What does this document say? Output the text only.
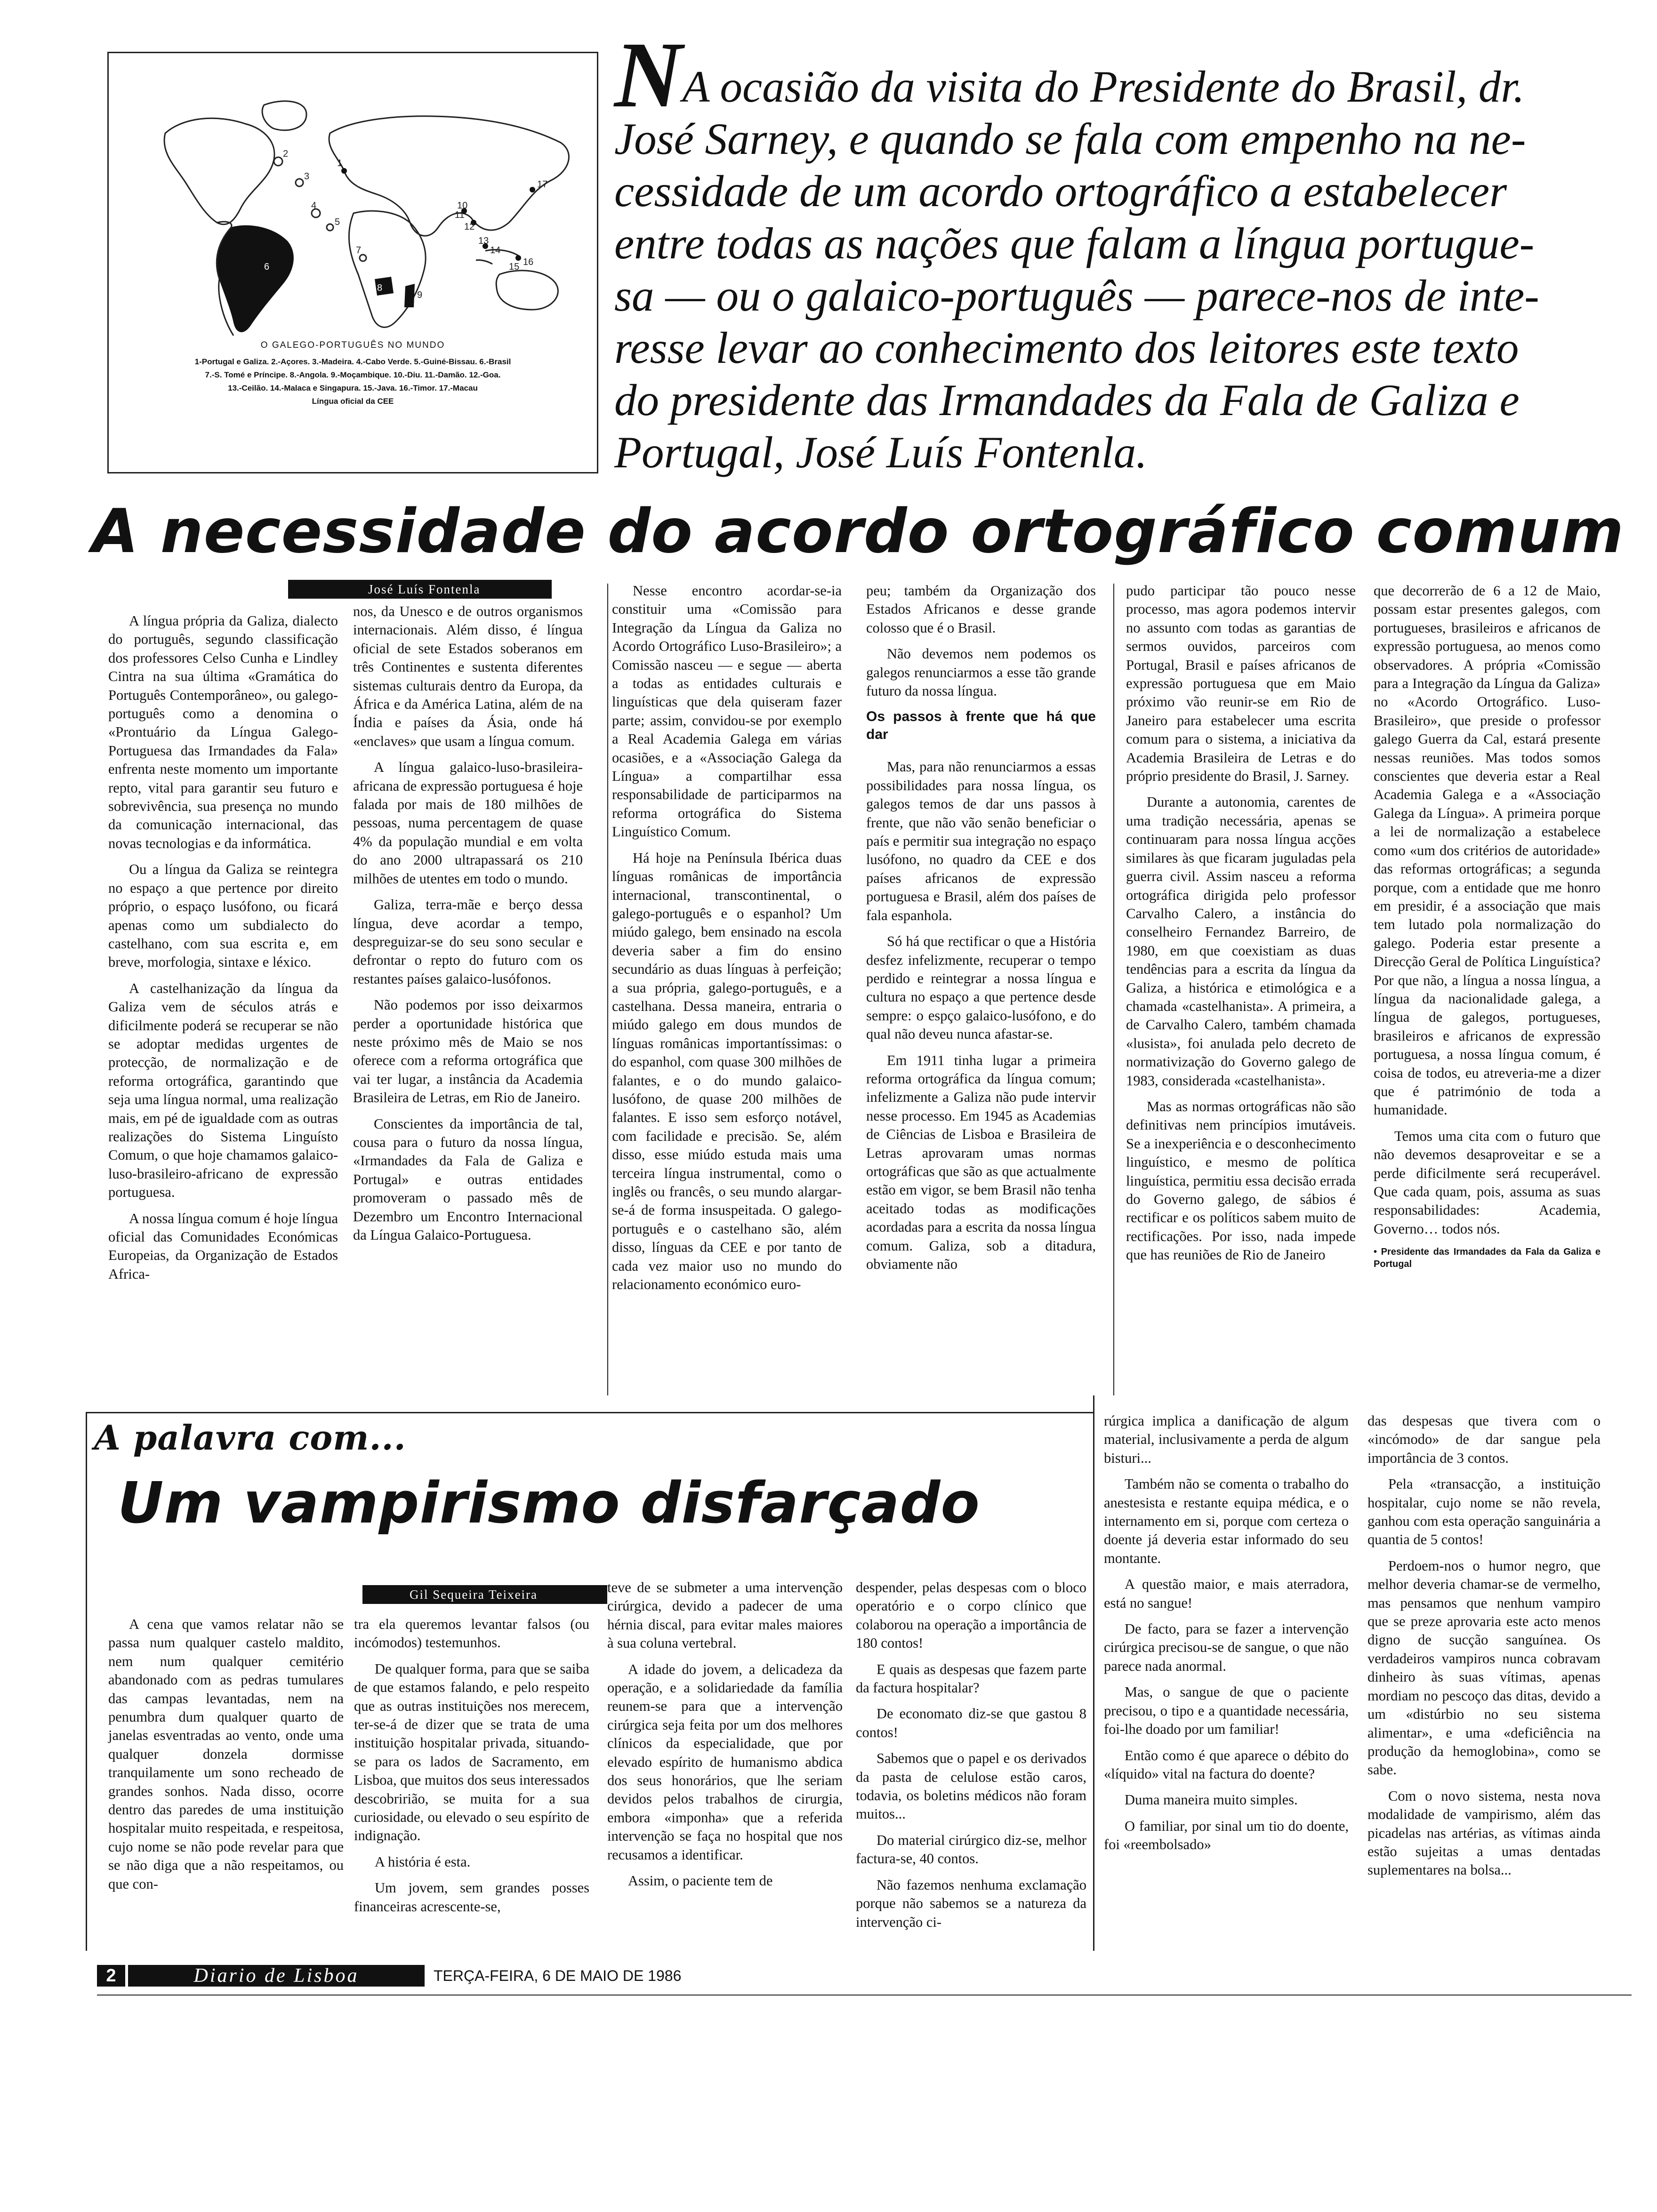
2
3
4
5
6
7
8
9
10
11
12
13
14
15 16
17
1
O GALEGO-PORTUGUÊS NO MUNDO
1-Portugal e Galiza. 2.-Açores. 3.-Madeira. 4.-Cabo Verde. 5.-Guiné-Bissau. 6.-Brasil
7.-S. Tomé e Príncipe. 8.-Angola. 9.-Moçambique. 10.-Diu. 11.-Damão. 12.-Goa.
13.-Ceilão. 14.-Malaca e Singapura. 15.-Java. 16.-Timor. 17.-Macau
Língua oficial da CEE
NA ocasião da visita do Presidente do Brasil, dr.
José Sarney, e quando se fala com empenho na ne-
cessidade de um acordo ortográfico a estabelecer
entre todas as nações que falam a língua portugue-
sa — ou o galaico-português — parece-nos de inte-
resse levar ao conhecimento dos leitores este texto
do presidente das Irmandades da Fala de Galiza e
Portugal, José Luís Fontenla.
A necessidade do acordo ortográfico comum
José Luís Fontenla

A língua própria da Galiza, dialecto do português, segundo classificação dos professores Celso Cunha e Lindley Cintra na sua última «Gramática do Português Contemporâneo», ou galego-português como a denomina o «Prontuário da Língua Galego-Portuguesa das Irmandades da Fala» enfrenta neste momento um importante repto, vital para garantir seu futuro e sobrevivência, sua presença no mundo da comunicação internacional, das novas tecnologias e da informática.

Ou a língua da Galiza se reintegra no espaço a que pertence por direito próprio, o espaço lusófono, ou ficará apenas como um subdialecto do castelhano, com sua escrita e, em breve, morfologia, sintaxe e léxico.

A castelhanização da língua da Galiza vem de séculos atrás e dificilmente poderá se recuperar se não se adoptar medidas urgentes de protecção, de normalização e de reforma ortográfica, garantindo que seja uma língua normal, uma realização mais, em pé de igualdade com as outras realizações do Sistema Linguísto Comum, o que hoje chamamos galaico-luso-brasileiro-africano de expressão portuguesa.

A nossa língua comum é hoje língua oficial das Comunidades Económicas Europeias, da Organização de Estados Africa-

nos, da Unesco e de outros organismos internacionais. Além disso, é língua oficial de sete Estados soberanos em três Continentes e sustenta diferentes sistemas culturais dentro da Europa, da África e da América Latina, além de na Índia e países da Ásia, onde há «enclaves» que usam a língua comum.

A língua galaico-luso-brasileira-africana de expressão portuguesa é hoje falada por mais de 180 milhões de pessoas, numa percentagem de quase 4% da população mundial e em volta do ano 2000 ultrapassará os 210 milhões de utentes em todo o mundo.

Galiza, terra-mãe e berço dessa língua, deve acordar a tempo, despreguizar-se do seu sono secular e defrontar o repto do futuro com os restantes países galaico-lusófonos.

Não podemos por isso deixarmos perder a oportunidade histórica que neste próximo mês de Maio se nos oferece com a reforma ortográfica que vai ter lugar, a instância da Academia Brasileira de Letras, em Rio de Janeiro.

Conscientes da importância de tal, cousa para o futuro da nossa língua, «Irmandades da Fala de Galiza e Portugal» e outras entidades promoveram o passado mês de Dezembro um Encontro Internacional da Língua Galaico-Portuguesa.

Nesse encontro acordar-se-ia constituir uma «Comissão para Integração da Língua da Galiza no Acordo Ortográfico Luso-Brasileiro»; a Comissão nasceu — e segue — aberta a todas as entidades culturais e linguísticas que dela quiseram fazer parte; assim, convidou-se por exemplo a Real Academia Galega em várias ocasiões, e a «Associação Galega da Língua» a compartilhar essa responsabilidade de participarmos na reforma ortográfica do Sistema Linguístico Comum.

Há hoje na Península Ibérica duas línguas românicas de importância internacional, transcontinental, o galego-português e o espanhol? Um miúdo galego, bem ensinado na escola deveria saber a fim do ensino secundário as duas línguas à perfeição; a sua própria, galego-português, e a castelhana. Dessa maneira, entraria o miúdo galego em dous mundos de línguas românicas importantíssimas: o do espanhol, com quase 300 milhões de falantes, e o do mundo galaico-lusófono, de quase 200 milhões de falantes. E isso sem esforço notável, com facilidade e precisão. Se, além disso, esse miúdo estuda mais uma terceira língua instrumental, como o inglês ou francês, o seu mundo alargar-se-á de forma insuspeitada. O galego-português e o castelhano são, além disso, línguas da CEE e por tanto de cada vez maior uso no mundo do relacionamento económico euro-

peu; também da Organização dos Estados Africanos e desse grande colosso que é o Brasil.

Não devemos nem podemos os galegos renunciarmos a esse tão grande futuro da nossa língua.

Os passos à frente que há que dar

Mas, para não renunciarmos a essas possibilidades para nossa língua, os galegos temos de dar uns passos à frente, que não vão senão beneficiar o país e permitir sua integração no espaço lusófono, no quadro da CEE e dos países africanos de expressão portuguesa e Brasil, além dos países de fala espanhola.

Só há que rectificar o que a História desfez infelizmente, recuperar o tempo perdido e reintegrar a nossa língua e cultura no espaço a que pertence desde sempre: o espço galaico-lusófono, e do qual não deveu nunca afastar-se.

Em 1911 tinha lugar a primeira reforma ortográfica da língua comum; infelizmente a Galiza não pude intervir nesse processo. Em 1945 as Academias de Ciências de Lisboa e Brasileira de Letras aprovaram umas normas ortográficas que são as que actualmente estão em vigor, se bem Brasil não tenha aceitado todas as modificações acordadas para a escrita da nossa língua comum. Galiza, sob a ditadura, obviamente não

pudo participar tão pouco nesse processo, mas agora podemos intervir no assunto com todas as garantias de sermos ouvidos, parceiros com Portugal, Brasil e países africanos de expressão portuguesa que em Maio próximo vão reunir-se em Rio de Janeiro para estabelecer uma escrita comum para o sistema, a iniciativa da Academia Brasileira de Letras e do próprio presidente do Brasil, J. Sarney.

Durante a autonomia, carentes de uma tradição necessária, apenas se continuaram para nossa língua acções similares às que ficaram juguladas pela guerra civil. Assim nasceu a reforma ortográfica dirigida pelo professor Carvalho Calero, a instância do conselheiro Fernandez Barreiro, de 1980, em que coexistiam as duas tendências para a escrita da língua da Galiza, a histórica e etimológica e a chamada «castelhanista». A primeira, a de Carvalho Calero, também chamada «lusista», foi anulada pelo decreto de normativização do Governo galego de 1983, considerada «castelhanista».

Mas as normas ortográficas não são definitivas nem princípios imutáveis. Se a inexperiência e o desconhecimento linguístico, e mesmo de política linguística, permitiu essa decisão errada do Governo galego, de sábios é rectificar e os políticos sabem muito de rectificações. Por isso, nada impede que has reuniões de Rio de Janeiro

que decorrerão de 6 a 12 de Maio, possam estar presentes galegos, com portugueses, brasileiros e africanos de expressão portuguesa, ao menos como observadores. A própria «Comissão para a Integração da Língua da Galiza» no «Acordo Ortográfico. Luso-Brasileiro», que preside o professor galego Guerra da Cal, estará presente nessas reuniões. Mas todos somos conscientes que deveria estar a Real Academia Galega e a «Associação Galega da Língua». A primeira porque a lei de normalização a estabelece como «um dos critérios de autoridade» das reformas ortográficas; a segunda porque, com a entidade que me honro em presidir, é a associação que mais tem lutado pola normalização do galego. Poderia estar presente a Direcção Geral de Política Linguística? Por que não, a língua a nossa língua, a língua da nacionalidade galega, a língua de galegos, portugueses, brasileiros e africanos de expressão portuguesa, a nossa língua comum, é coisa de todos, eu atreveria-me a dizer que é património de toda a humanidade.

Temos uma cita com o futuro que não devemos desaproveitar e se a perde dificilmente será recuperável. Que cada quam, pois, assuma as suas responsabilidades: Academia, Governo… todos nós.

• Presidente das Irmandades da Fala da Galiza e Portugal

A palavra com...
Um vampirismo disfarçado
Gil Sequeira Teixeira

A cena que vamos relatar não se passa num qualquer castelo maldito, nem num qualquer cemitério abandonado com as pedras tumulares das campas levantadas, nem na penumbra dum qualquer quarto de janelas esventradas ao vento, onde uma qualquer donzela dormisse tranquilamente um sono recheado de grandes sonhos. Nada disso, ocorre dentro das paredes de uma instituição hospitalar muito respeitada, e respeitosa, cujo nome se não pode revelar para que se não diga que a não respeitamos, ou que con-

tra ela queremos levantar falsos (ou incómodos) testemunhos.

De qualquer forma, para que se saiba de que estamos falando, e pelo respeito que as outras instituições nos merecem, ter-se-á de dizer que se trata de uma instituição hospitalar privada, situando-se para os lados de Sacramento, em Lisboa, que muitos dos seus interessados descobririão, se muita for a sua curiosidade, ou elevado o seu espírito de indignação.

A história é esta.

Um jovem, sem grandes posses financeiras acrescente-se,

teve de se submeter a uma intervenção cirúrgica, devido a padecer de uma hérnia discal, para evitar males maiores à sua coluna vertebral.

A idade do jovem, a delicadeza da operação, e a solidariedade da família reunem-se para que a intervenção cirúrgica seja feita por um dos melhores clínicos da especialidade, que por elevado espírito de humanismo abdica dos seus honorários, que lhe seriam devidos pelos trabalhos de cirurgia, embora «imponha» que a referida intervenção se faça no hospital que nos recusamos a identificar.

Assim, o paciente tem de

despender, pelas despesas com o bloco operatório e o corpo clínico que colaborou na operação a importância de 180 contos!

E quais as despesas que fazem parte da factura hospitalar?

De economato diz-se que gastou 8 contos!

Sabemos que o papel e os derivados da pasta de celulose estão caros, todavia, os boletins médicos não foram muitos...

Do material cirúrgico diz-se, melhor factura-se, 40 contos.

Não fazemos nenhuma exclamação porque não sabemos se a natureza da intervenção ci-

rúrgica implica a danificação de algum material, inclusivamente a perda de algum bisturi...

Também não se comenta o trabalho do anestesista e restante equipa médica, e o internamento em si, porque com certeza o doente já deveria estar informado do seu montante.

A questão maior, e mais aterradora, está no sangue!

De facto, para se fazer a intervenção cirúrgica precisou-se de sangue, o que não parece nada anormal.

Mas, o sangue de que o paciente precisou, o tipo e a quantidade necessária, foi-lhe doado por um familiar!

Então como é que aparece o débito do «líquido» vital na factura do doente?

Duma maneira muito simples.

O familiar, por sinal um tio do doente, foi «reembolsado»

das despesas que tivera com o «incómodo» de dar sangue pela importância de 3 contos.

Pela «transacção, a instituição hospitalar, cujo nome se não revela, ganhou com esta operação sanguinária a quantia de 5 contos!

Perdoem-nos o humor negro, que melhor deveria chamar-se de vermelho, mas pensamos que nenhum vampiro que se preze aprovaria este acto menos digno de sucção sanguínea. Os verdadeiros vampiros nunca cobravam dinheiro às suas vítimas, apenas mordiam no pescoço das ditas, devido a um «distúrbio no seu sistema alimentar», e uma «deficiência na produção da hemoglobina», como se sabe.

Com o novo sistema, nesta nova modalidade de vampirismo, além das picadelas nas artérias, as vítimas ainda estão sujeitas a umas dentadas suplementares na bolsa...

2	Diario de Lisboa	TERÇA-FEIRA, 6 DE MAIO DE 1986
